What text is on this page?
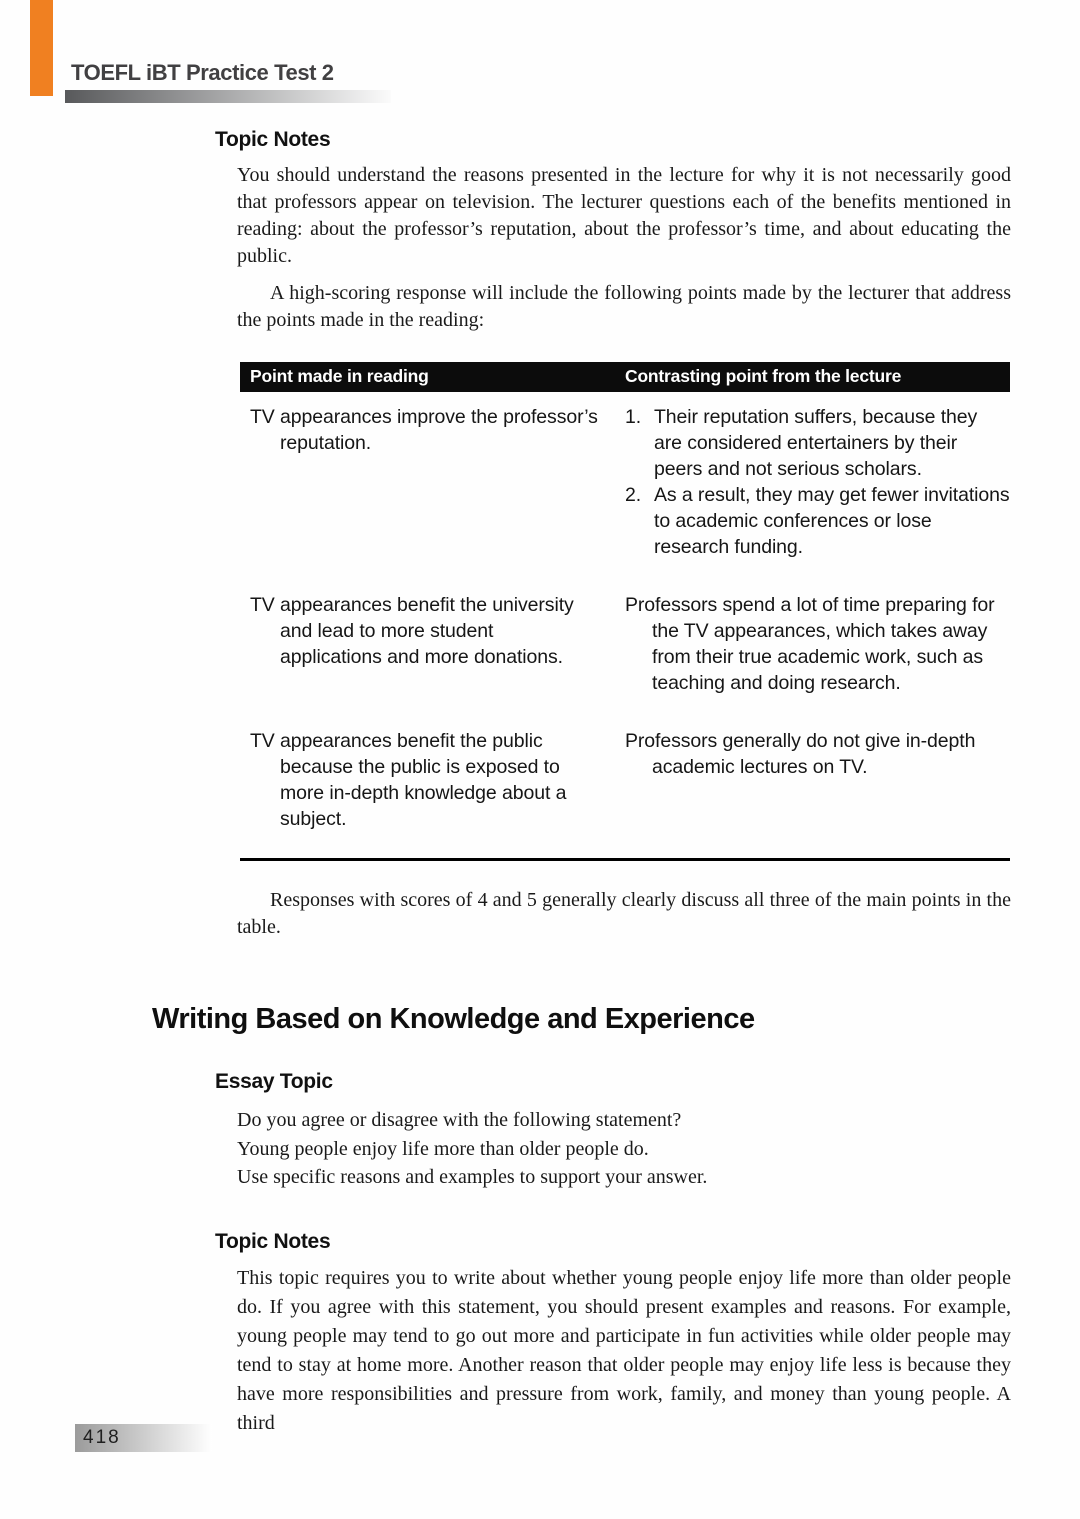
TOEFL iBT Practice Test 2
Topic Notes

You should understand the reasons presented in the lecture for why it is not necessarily good that professors appear on television. The lecturer questions each of the benefits mentioned in reading: about the professor’s reputation, about the professor’s time, and about educating the public.

A high-scoring response will include the following points made by the lecturer that address the points made in the reading:

Point made in reading	Contrasting point from the lecture
TV appearances improve the professor’s reputation.
1. Their reputation suffers, because they are considered entertainers by their peers and not serious scholars.
2. As a result, they may get fewer invitations to academic conferences or lose research funding.
TV appearances benefit the university and lead to more student applications and more donations.
Professors spend a lot of time preparing for the TV appearances, which takes away from their true academic work, such as teaching and doing research.
TV appearances benefit the public because the public is exposed to more in-depth knowledge about a subject.
Professors generally do not give in-depth academic lectures on TV.

Responses with scores of 4 and 5 generally clearly discuss all three of the main points in the table.

Writing Based on Knowledge and Experience
Essay Topic

Do you agree or disagree with the following statement?

Young people enjoy life more than older people do.

Use specific reasons and examples to support your answer.

Topic Notes

This topic requires you to write about whether young people enjoy life more than older people do. If you agree with this statement, you should present examples and reasons. For example, young people may tend to go out more and participate in fun activities while older people may tend to stay at home more. Another reason that older people may enjoy life less is because they have more responsibilities and pressure from work, family, and money than young people. A third

418
